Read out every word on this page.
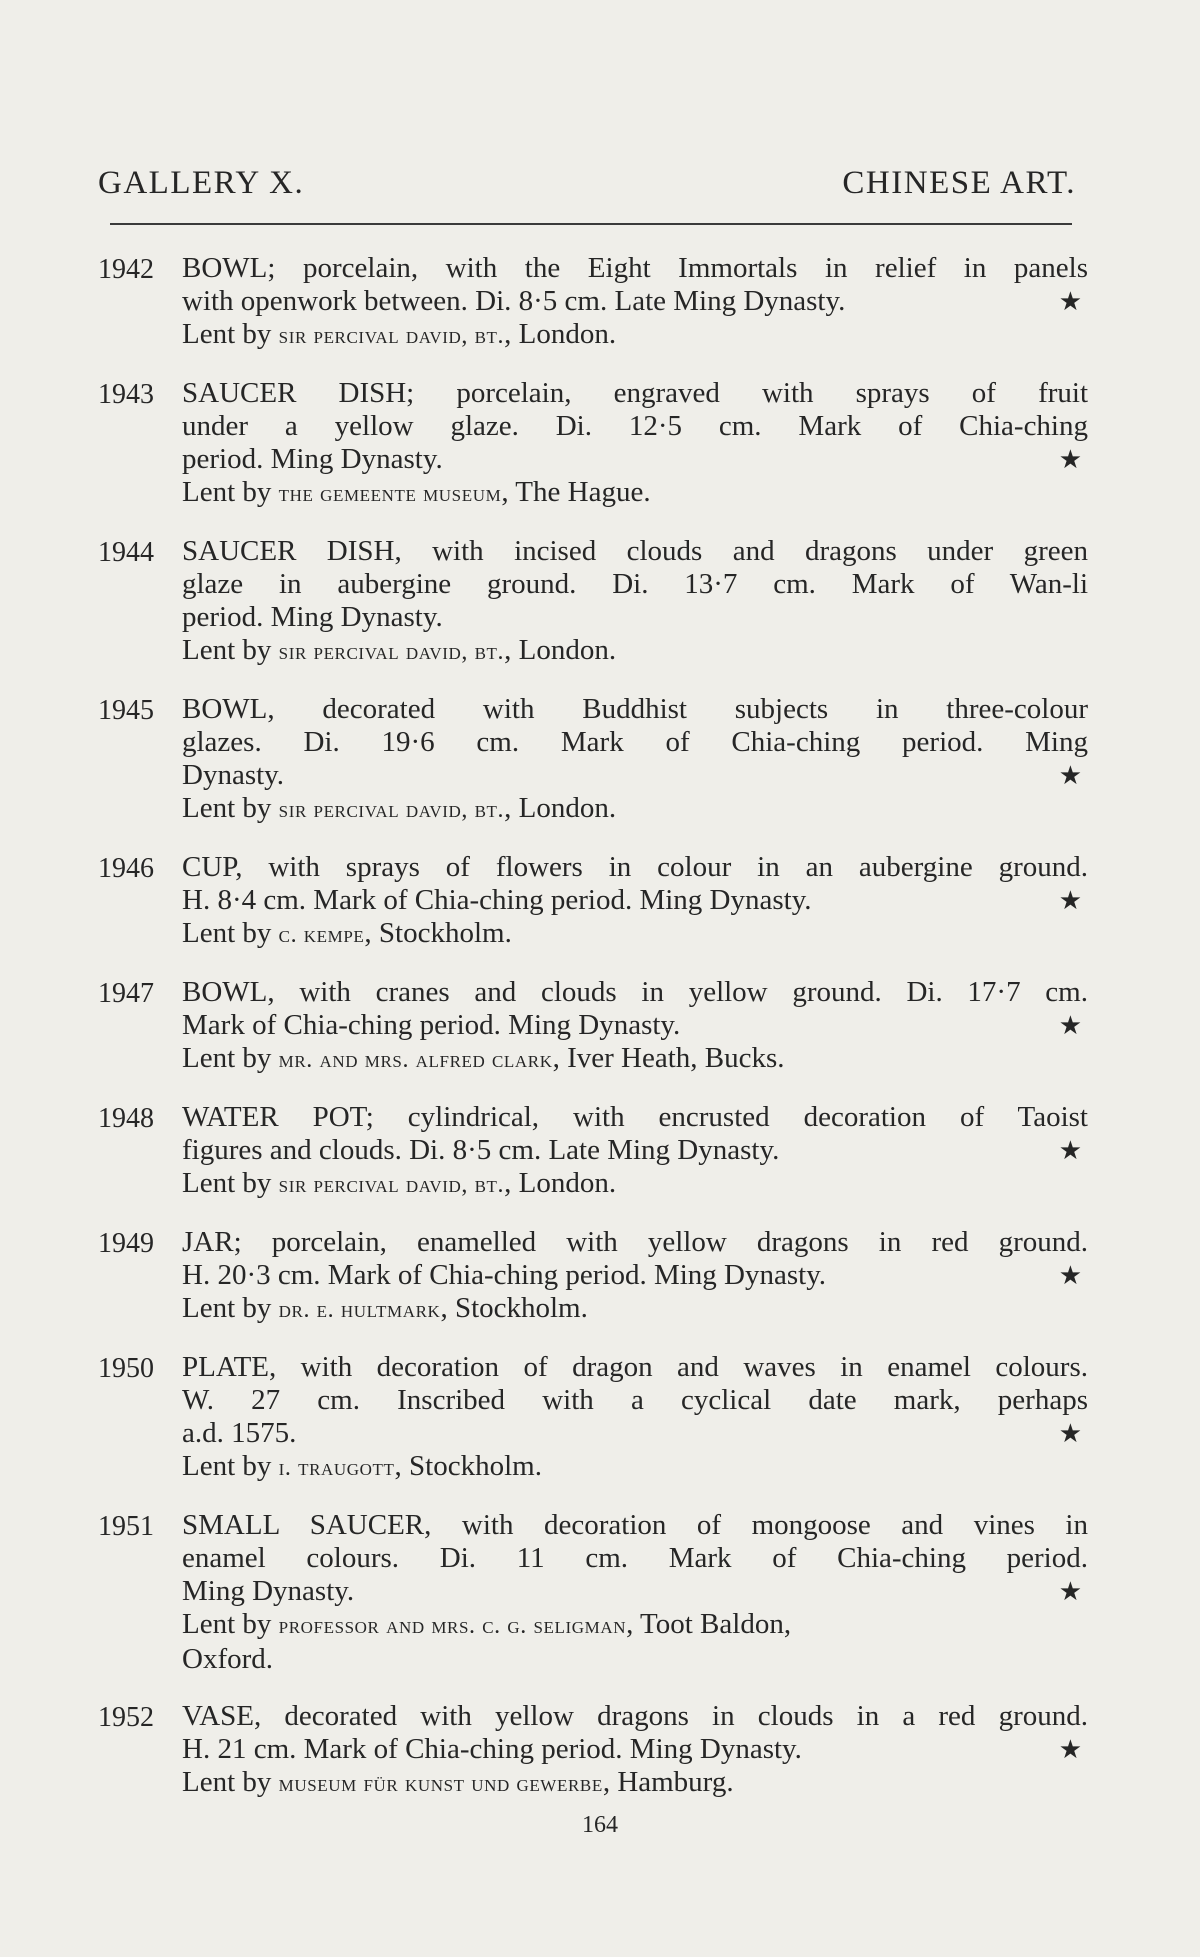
GALLERY X.	CHINESE ART.
1942 BOWL; porcelain, with the Eight Immortals in relief in panels
with openwork between. Di. 8·5 cm. Late Ming Dynasty.	★
Lent by sir percival david, bt., London.
1943 SAUCER DISH; porcelain, engraved with sprays of fruit
under a yellow glaze. Di. 12·5 cm. Mark of Chia-ching
period. Ming Dynasty.	★
Lent by the gemeente museum, The Hague.
1944 SAUCER DISH, with incised clouds and dragons under green
glaze in aubergine ground. Di. 13·7 cm. Mark of Wan-li
period. Ming Dynasty.
Lent by sir percival david, bt., London.
1945 BOWL, decorated with Buddhist subjects in three-colour
glazes. Di. 19·6 cm. Mark of Chia-ching period. Ming
Dynasty.	★
Lent by sir percival david, bt., London.
1946 CUP, with sprays of flowers in colour in an aubergine ground.
H. 8·4 cm. Mark of Chia-ching period. Ming Dynasty.	★
Lent by c. kempe, Stockholm.
1947 BOWL, with cranes and clouds in yellow ground. Di. 17·7 cm.
Mark of Chia-ching period. Ming Dynasty.	★
Lent by mr. and mrs. alfred clark, Iver Heath, Bucks.
1948 WATER POT; cylindrical, with encrusted decoration of Taoist
figures and clouds. Di. 8·5 cm. Late Ming Dynasty.	★
Lent by sir percival david, bt., London.
1949 JAR; porcelain, enamelled with yellow dragons in red ground.
H. 20·3 cm. Mark of Chia-ching period. Ming Dynasty.	★
Lent by dr. e. hultmark, Stockholm.
1950 PLATE, with decoration of dragon and waves in enamel colours.
W. 27 cm. Inscribed with a cyclical date mark, perhaps
a.d. 1575.	★
Lent by i. traugott, Stockholm.
1951 SMALL SAUCER, with decoration of mongoose and vines in
enamel colours. Di. 11 cm. Mark of Chia-ching period.
Ming Dynasty.	★
Lent by professor and mrs. c. g. seligman, Toot Baldon,
Oxford.
1952 VASE, decorated with yellow dragons in clouds in a red ground.
H. 21 cm. Mark of Chia-ching period. Ming Dynasty.	★
Lent by museum für kunst und gewerbe, Hamburg.
164
